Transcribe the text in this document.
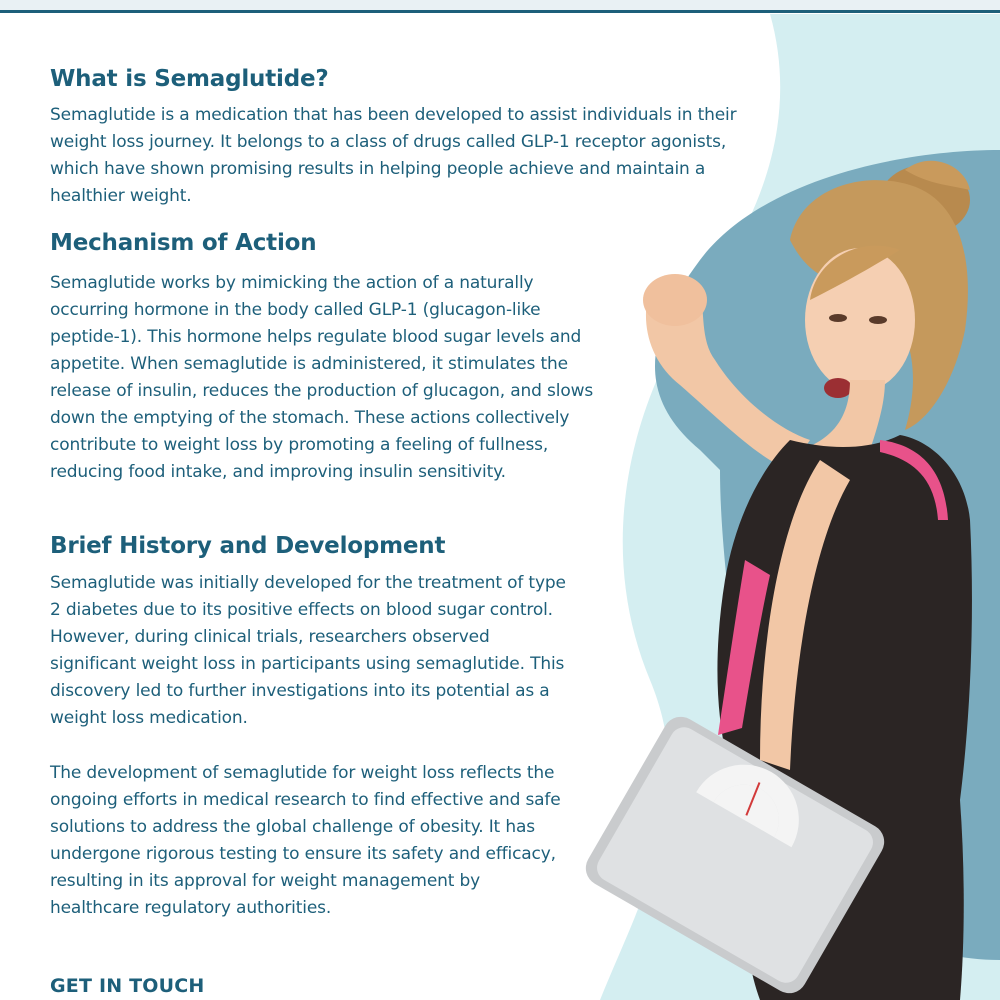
What is Semaglutide?

Semaglutide is a medication that has been developed to assist individuals in their weight loss journey. It belongs to a class of drugs called GLP-1 receptor agonists, which have shown promising results in helping people achieve and maintain a healthier weight.

Mechanism of Action

Semaglutide works by mimicking the action of a naturally occurring hormone in the body called GLP-1 (glucagon-like peptide-1). This hormone helps regulate blood sugar levels and appetite. When semaglutide is administered, it stimulates the release of insulin, reduces the production of glucagon, and slows down the emptying of the stomach. These actions collectively contribute to weight loss by promoting a feeling of fullness, reducing food intake, and improving insulin sensitivity.

Brief History and Development

Semaglutide was initially developed for the treatment of type 2 diabetes due to its positive effects on blood sugar control. However, during clinical trials, researchers observed significant weight loss in participants using semaglutide. This discovery led to further investigations into its potential as a weight loss medication.

The development of semaglutide for weight loss reflects the ongoing efforts in medical research to find effective and safe solutions to address the global challenge of obesity. It has undergone rigorous testing to ensure its safety and efficacy, resulting in its approval for weight management by healthcare regulatory authorities.

GET IN TOUCH
